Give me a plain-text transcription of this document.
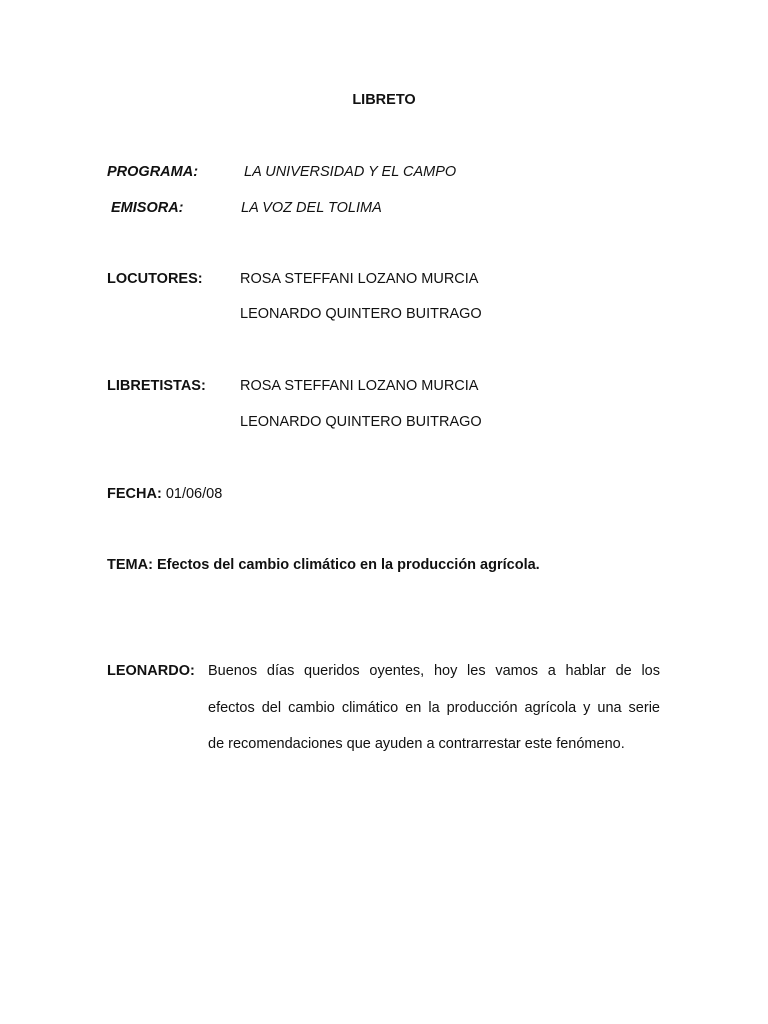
LIBRETO
PROGRAMA:	LA UNIVERSIDAD Y EL CAMPO
EMISORA:	LA VOZ DEL TOLIMA
LOCUTORES:	ROSA STEFFANI LOZANO MURCIA
LEONARDO QUINTERO BUITRAGO
LIBRETISTAS: ROSA STEFFANI LOZANO MURCIA
LEONARDO QUINTERO BUITRAGO
FECHA: 01/06/08
TEMA: Efectos del cambio climático en la producción agrícola.
LEONARDO: Buenos días queridos oyentes, hoy les vamos a hablar de los
efectos del cambio climático en la producción agrícola y una serie
de recomendaciones que ayuden a contrarrestar este fenómeno.
